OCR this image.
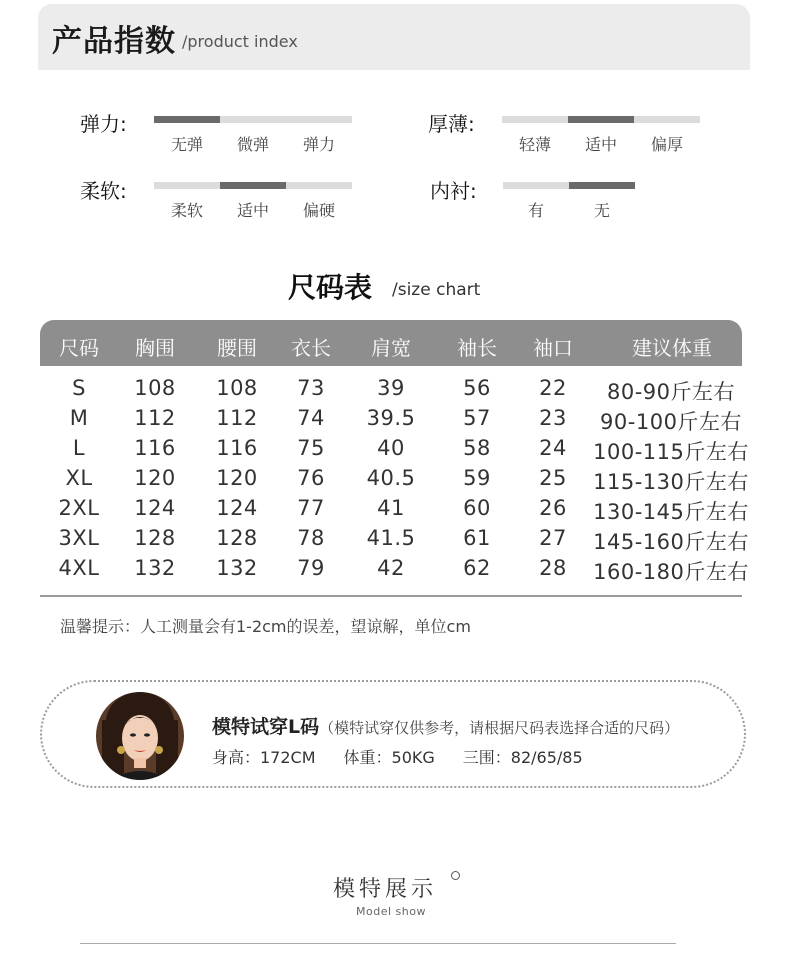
产品指数 /product index
弹力:
无弹	微弹	弹力
厚薄:
轻薄	适中	偏厚
柔软:
柔软	适中	偏硬
内衬:
有	无
尺码表 /size chart
尺码	胸围	腰围	衣长	肩宽	袖长	袖口	建议体重
S	108	108	73	39	56	22	80-90斤左右
M	112	112	74	39.5	57	23	90-100斤左右
L	116	116	75	40	58	24	100-115斤左右
XL	120	120	76	40.5	59	25	115-130斤左右
2XL	124	124	77	41	60	26	130-145斤左右
3XL	128	128	78	41.5	61	27	145-160斤左右
4XL	132	132	79	42	62	28	160-180斤左右
温馨提示：人工测量会有1-2cm的误差，望谅解，单位cm
模特试穿L码（模特试穿仅供参考，请根据尺码表选择合适的尺码）
身高：172CM 体重：50KG 三围：82/65/85
模特展示
Model show
